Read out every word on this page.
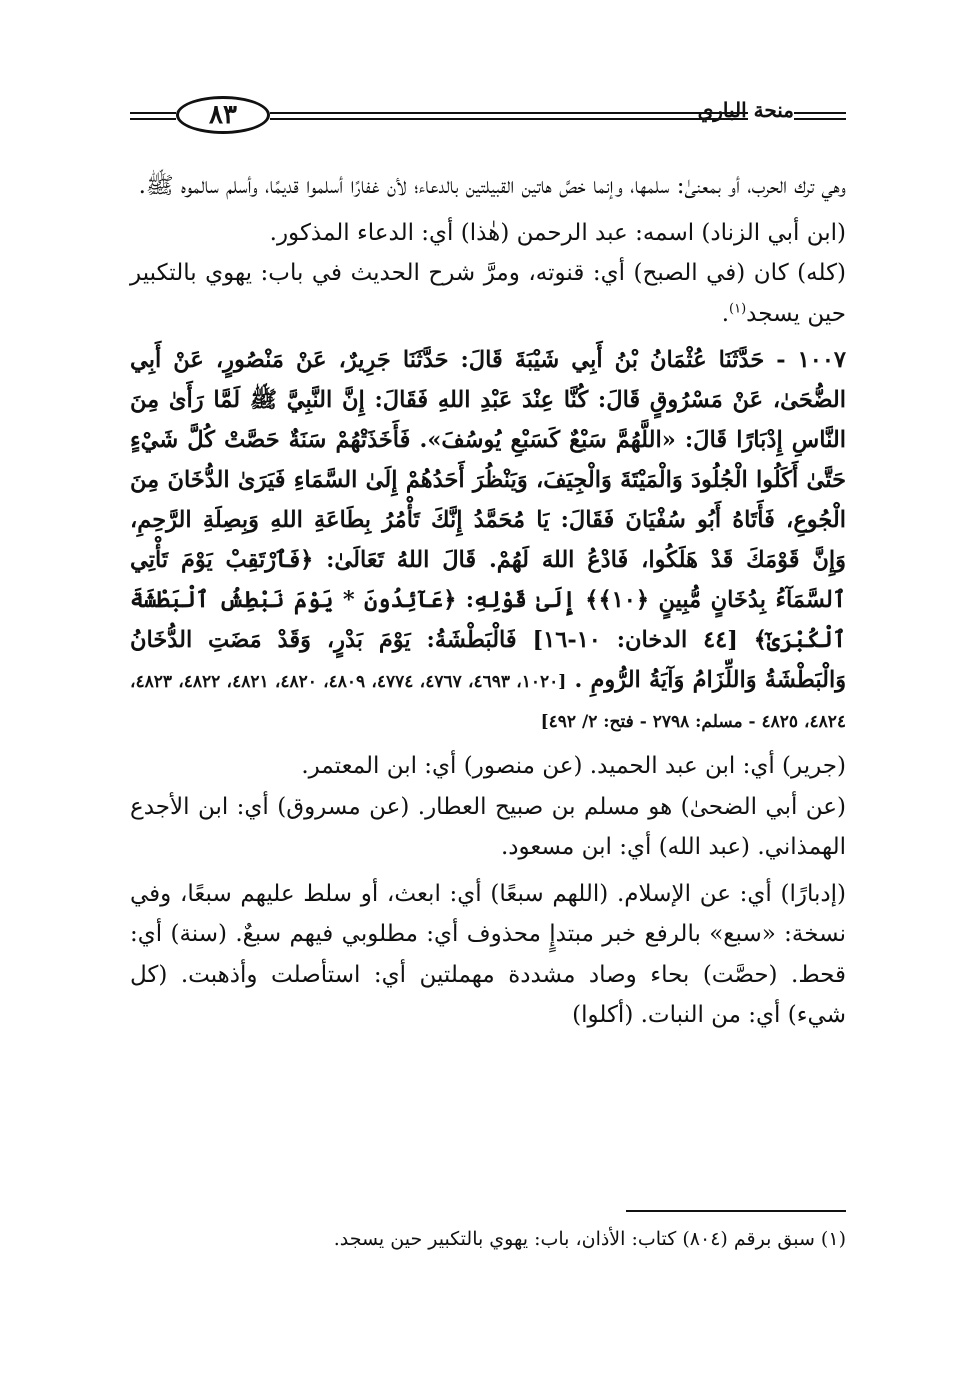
٨٣	منحة الباري

وهي ترك الحرب، أو بمعنىٰ: سلمها، وإنما خصَّ هاتين القبيلتين بالدعاء؛ لأن غفارًا أسلموا قديمًا، وأسلم سالموه ﷺ.

(ابن أبي الزناد) اسمه: عبد الرحمن (هٰذا) أي: الدعاء المذكور.

(كله) كان (في الصبح) أي: قنوته، ومرَّ شرح الحديث في باب: يهوي بالتكبير حين يسجد$^{(١)}$.

١٠٠٧ - حَدَّثَنَا عُثْمَانُ بْنُ أَبِي شَيْبَةَ قَالَ: حَدَّثَنَا جَرِيرٌ، عَنْ مَنْصُورٍ، عَنْ أَبِي الضُّحَىٰ، عَنْ مَسْرُوقٍ قَالَ: كُنَّا عِنْدَ عَبْدِ اللهِ فَقَالَ: إِنَّ النَّبِيَّ ﷺ لَمَّا رَأَىٰ مِنَ النَّاسِ إِدْبَارًا قَالَ: «اللَّهُمَّ سَبْعٌ كَسَبْعِ يُوسُفَ». فَأَخَذَتْهُمْ سَنَةٌ حَصَّتْ كُلَّ شَيْءٍ حَتَّىٰ أَكَلُوا الْجُلُودَ وَالْمَيْتَةَ وَالْجِيَفَ، وَيَنْظُرَ أَحَدُهُمْ إِلَىٰ السَّمَاءِ فَيَرَىٰ الدُّخَانَ مِنَ الْجُوعِ، فَأَتَاهُ أَبُو سُفْيَانَ فَقَالَ: يَا مُحَمَّدُ إِنَّكَ تَأْمُرُ بِطَاعَةِ اللهِ وَبِصِلَةِ الرَّحِمِ، وَإِنَّ قَوْمَكَ قَدْ هَلَكُوا، فَادْعُ اللهَ لَهُمْ. قَالَ اللهُ تَعَالَىٰ: ﴿فَٱرْتَقِبْ يَوْمَ تَأْتِي ٱلسَّمَآءُ بِدُخَانٍ مُّبِينٍ ﴿١٠﴾﴾ إِلَىٰ قَوْلِهِ: ﴿عَآئِدُونَ * يَوْمَ نَبْطِشُ ٱلْبَطْشَةَ ٱلْكُبْرَىٰٓ﴾ [٤٤ الدخان: ١٠-١٦] فَالْبَطْشَةُ: يَوْمَ بَدْرٍ، وَقَدْ مَضَتِ الدُّخَانُ وَالْبَطْشَةُ وَاللِّزَامُ وَآيَةُ الرُّومِ . [١٠٢٠، ٤٦٩٣، ٤٧٦٧، ٤٧٧٤، ٤٨٠٩، ٤٨٢٠، ٤٨٢١، ٤٨٢٢، ٤٨٢٣، ٤٨٢٤، ٤٨٢٥ - مسلم: ٢٧٩٨ - فتح: ٢/ ٤٩٢]

(جرير) أي: ابن عبد الحميد. (عن منصور) أي: ابن المعتمر.

(عن أبي الضحىٰ) هو مسلم بن صبيح العطار. (عن مسروق) أي: ابن الأجدع الهمذاني. (عبد الله) أي: ابن مسعود.

(إدبارًا) أي: عن الإسلام. (اللهم سبعًا) أي: ابعث، أو سلط عليهم سبعًا، وفي نسخة: «سبع» بالرفع خبر مبتدإٍ محذوف أي: مطلوبي فيهم سبعٌ. (سنة) أي: قحط. (حصَّت) بحاء وصاد مشددة مهملتين أي: استأصلت وأذهبت. (كل شيء) أي: من النبات. (أكلوا)

(١) سبق برقم (٨٠٤) كتاب: الأذان، باب: يهوي بالتكبير حين يسجد.
